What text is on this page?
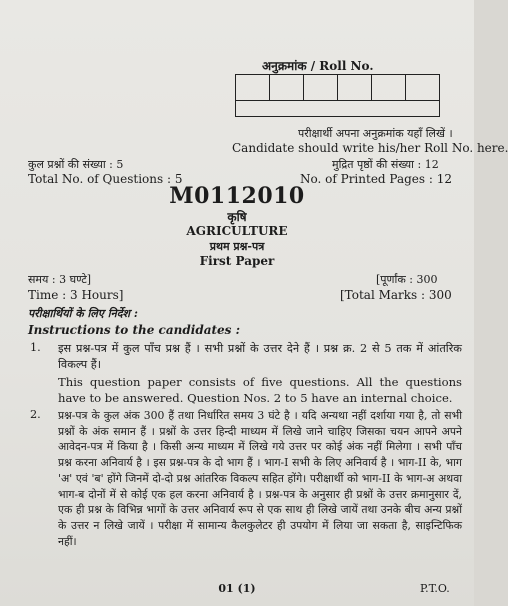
अनुक्रमांक / Roll No.
परीक्षार्थी अपना अनुक्रमांक यहाँ लिखें ।
Candidate should write his/her Roll No. here.
कुल प्रश्नों की संख्या : 5	मुद्रित पृष्ठों की संख्या : 12
Total No. of Questions : 5	No. of Printed Pages : 12
M0112010
कृषि
AGRICULTURE
प्रथम प्रश्न-पत्र
First Paper
समय : 3 घण्टे]	[पूर्णांक : 300
Time : 3 Hours]	[Total Marks : 300
परीक्षार्थियों के लिए निर्देश :
Instructions to the candidates :
1. इस प्रश्न-पत्र में कुल पाँच प्रश्न हैं । सभी प्रश्नों के उत्तर देने हैं । प्रश्न क्र. 2 से 5 तक में आंतरिक विकल्प हैं।
This question paper consists of five questions. All the questions have to be answered. Question Nos. 2 to 5 have an internal choice.
2. प्रश्न-पत्र के कुल अंक 300 हैं तथा निर्धारित समय 3 घंटे है । यदि अन्यथा नहीं दर्शाया गया है, तो सभी प्रश्नों के अंक समान हैं । प्रश्नों के उत्तर हिन्दी माध्यम में लिखे जाने चाहिए जिसका चयन आपने अपने आवेदन-पत्र में किया है । किसी अन्य माध्यम में लिखे गये उत्तर पर कोई अंक नहीं मिलेगा । सभी पाँच प्रश्न करना अनिवार्य है । इस प्रश्न-पत्र के दो भाग हैं । भाग-I सभी के लिए अनिवार्य है । भाग-II के, भाग 'अ' एवं 'ब' होंगे जिनमें दो-दो प्रश्न आंतरिक विकल्प सहित होंगे। परीक्षार्थी को भाग-II के भाग-अ अथवा भाग-ब दोनों में से कोई एक हल करना अनिवार्य है । प्रश्न-पत्र के अनुसार ही प्रश्नों के उत्तर क्रमानुसार दें, एक ही प्रश्न के विभिन्न भागों के उत्तर अनिवार्य रूप से एक साथ ही लिखे जायें तथा उनके बीच अन्य प्रश्नों के उत्तर न लिखे जायें । परीक्षा में सामान्य कैलकुलेटर ही उपयोग में लिया जा सकता है, साइन्टिफिक नहीं।
01 (1)	P.T.O.
